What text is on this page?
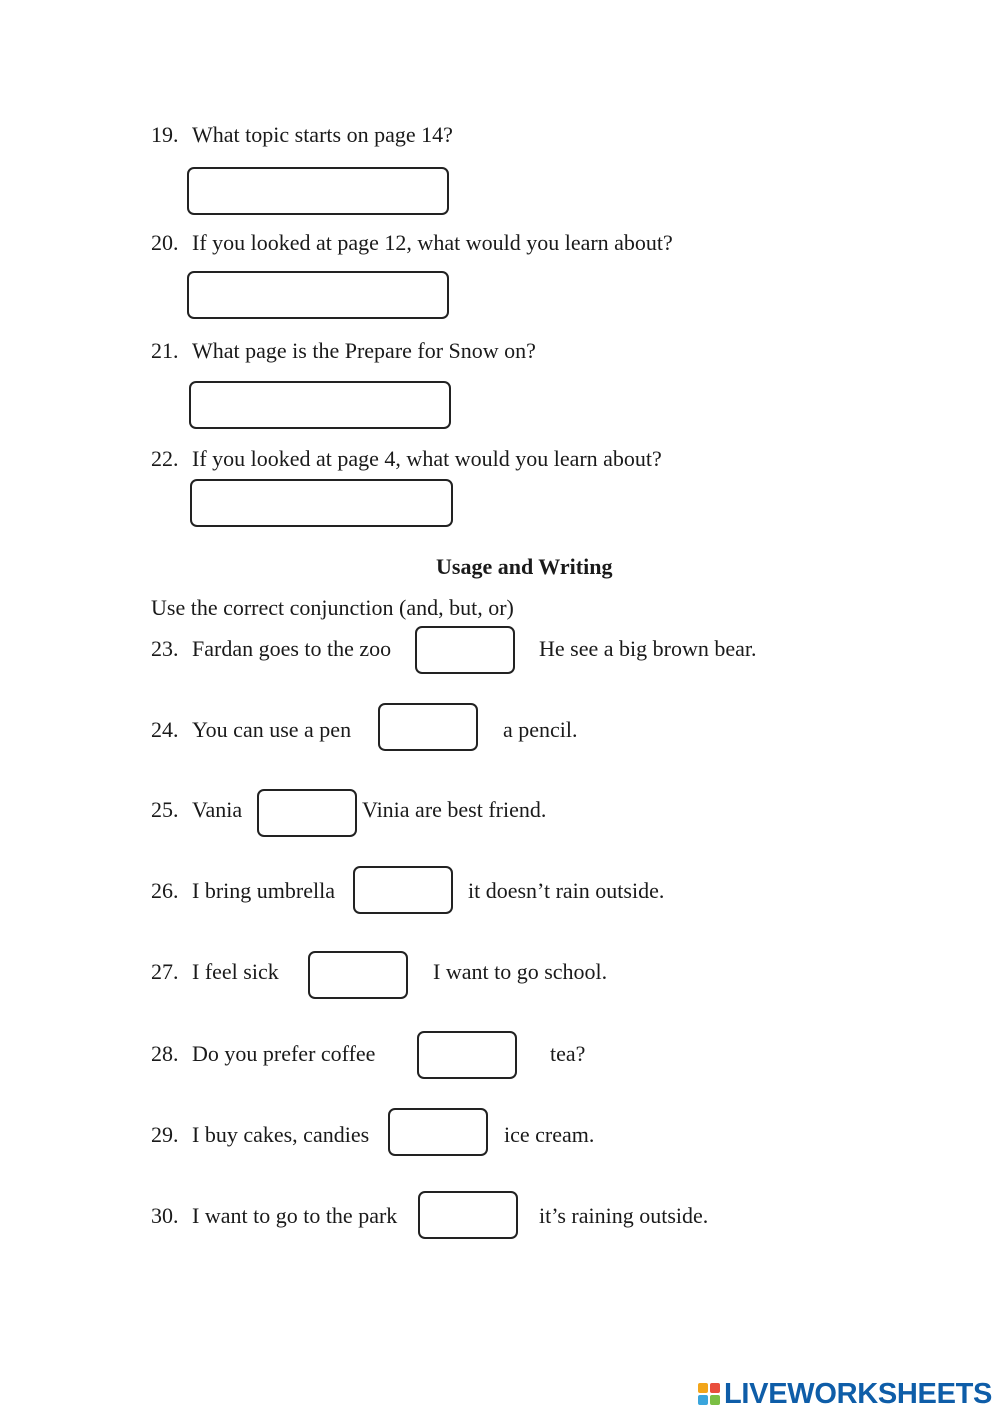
19. What topic starts on page 14?
20. If you looked at page 12, what would you learn about?
21. What page is the Prepare for Snow on?
22. If you looked at page 4, what would you learn about?
Usage and Writing
Use the correct conjunction (and, but, or)
23. Fardan goes to the zoo	He see a big brown bear.
24. You can use a pen	a pencil.
25. Vania	Vinia are best friend.
26. I bring umbrella	it doesn’t rain outside.
27. I feel sick	I want to go school.
28. Do you prefer coffee	tea?
29. I buy cakes, candies	ice cream.
30. I want to go to the park	it’s raining outside.
LIVEWORKSHEETS
